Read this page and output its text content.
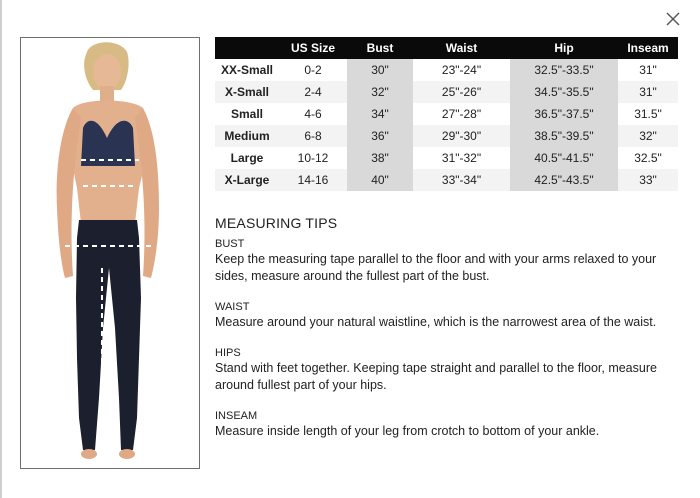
	US Size	Bust	Waist	Hip	Inseam
XX-Small	0-2	30"	23"-24"	32.5"-33.5"	31"
X-Small	2-4	32"	25"-26"	34.5"-35.5"	31"
Small	4-6	34"	27"-28"	36.5"-37.5"	31.5"
Medium	6-8	36"	29"-30"	38.5"-39.5"	32"
Large	10-12	38"	31"-32"	40.5"-41.5"	32.5"
X-Large	14-16	40"	33"-34"	42.5"-43.5"	33"
MEASURING TIPS
BUST
Keep the measuring tape parallel to the floor and with your arms relaxed to your sides, measure around the fullest part of the bust.
WAIST
Measure around your natural waistline, which is the narrowest area of the waist.
HIPS
Stand with feet together. Keeping tape straight and parallel to the floor, measure around fullest part of your hips.
INSEAM
Measure inside length of your leg from crotch to bottom of your ankle.
